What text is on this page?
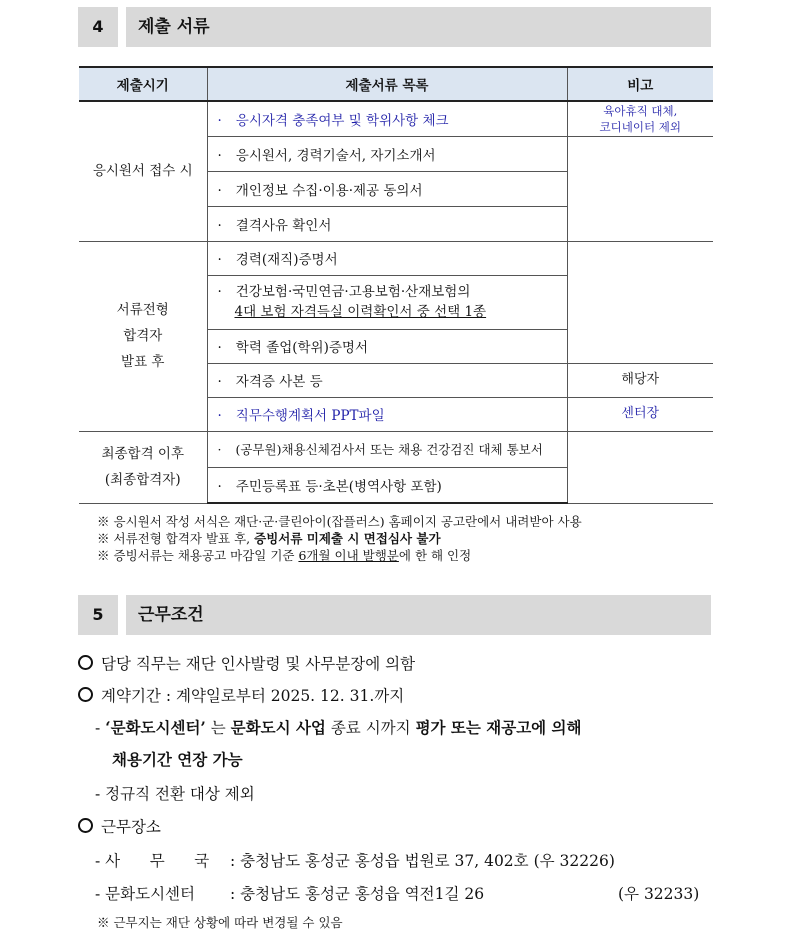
4	제출 서류
제출시기	제출서류 목록	비고
응시원서 접수 시	· 응시자격 충족여부 및 학위사항 체크	육아휴직 대체,
코디네이터 제외

	· 응시원서, 경력기술서, 자기소개서	
	· 개인정보 수집·이용·제공 동의서	
	· 결격사유 확인서	

서류전형
합격자
발표 후	· 경력(재직)증명서	

	· 건강보험·국민연금·고용보험·산재보험의
4대 보험 자격득실 이력확인서 중 선택 1종	

	· 학력 졸업(학위)증명서	
	· 자격증 사본 등	해당자
	· 직무수행계획서 PPT파일	센터장

최종합격 이후
(최종합격자)	· (공무원)채용신체검사서 또는 채용 건강검진 대체 통보서	
	· 주민등록표 등·초본(병역사항 포함)	
※ 응시원서 작성 서식은 재단·군·클린아이(잡플러스) 홈페이지 공고란에서 내려받아 사용
※ 서류전형 합격자 발표 후, 증빙서류 미제출 시 면접심사 불가
※ 증빙서류는 채용공고 마감일 기준 6개월 이내 발행분에 한 해 인정
5	근무조건
담당 직무는 재단 인사발령 및 사무분장에 의함
계약기간 : 계약일로부터 2025. 12. 31.까지
- ‘문화도시센터’ 는 문화도시 사업 종료 시까지 평가 또는 재공고에 의해
채용기간 연장 가능
- 정규직 전환 대상 제외
근무장소
- 사      무      국 : 충청남도 홍성군 홍성읍 법원로 37, 402호 (우 32226)
- 문화도시센터 : 충청남도 홍성군 홍성읍 역전1길 26	(우 32233)
※ 근무지는 재단 상황에 따라 변경될 수 있음
